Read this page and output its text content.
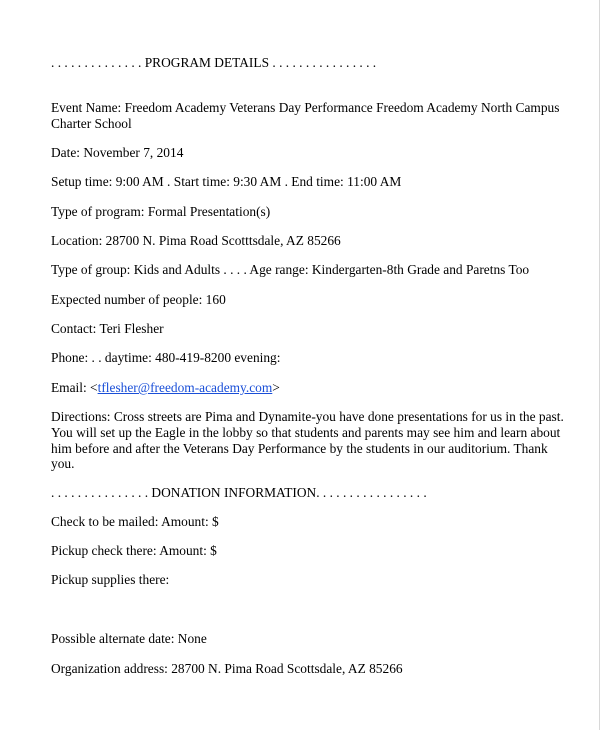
. . . . . . . . . . . . . . PROGRAM DETAILS . . . . . . . . . . . . . . . .
Event Name: Freedom Academy Veterans Day Performance Freedom Academy North Campus
Charter School
Date: November 7, 2014
Setup time: 9:00 AM . Start time: 9:30 AM . End time: 11:00 AM
Type of program: Formal Presentation(s)
Location: 28700 N. Pima Road Scotttsdale, AZ 85266
Type of group: Kids and Adults . . . . Age range: Kindergarten-8th Grade and Paretns Too
Expected number of people: 160
Contact: Teri Flesher
Phone: . . daytime: 480-419-8200 evening:
Email: <tflesher@freedom-academy.com>
Directions: Cross streets are Pima and Dynamite-you have done presentations for us in the past.
You will set up the Eagle in the lobby so that students and parents may see him and learn about
him before and after the Veterans Day Performance by the students in our auditorium. Thank
you.
. . . . . . . . . . . . . . . DONATION INFORMATION. . . . . . . . . . . . . . . . .
Check to be mailed: Amount: $
Pickup check there: Amount: $
Pickup supplies there:
Possible alternate date: None
Organization address: 28700 N. Pima Road Scottsdale, AZ 85266
